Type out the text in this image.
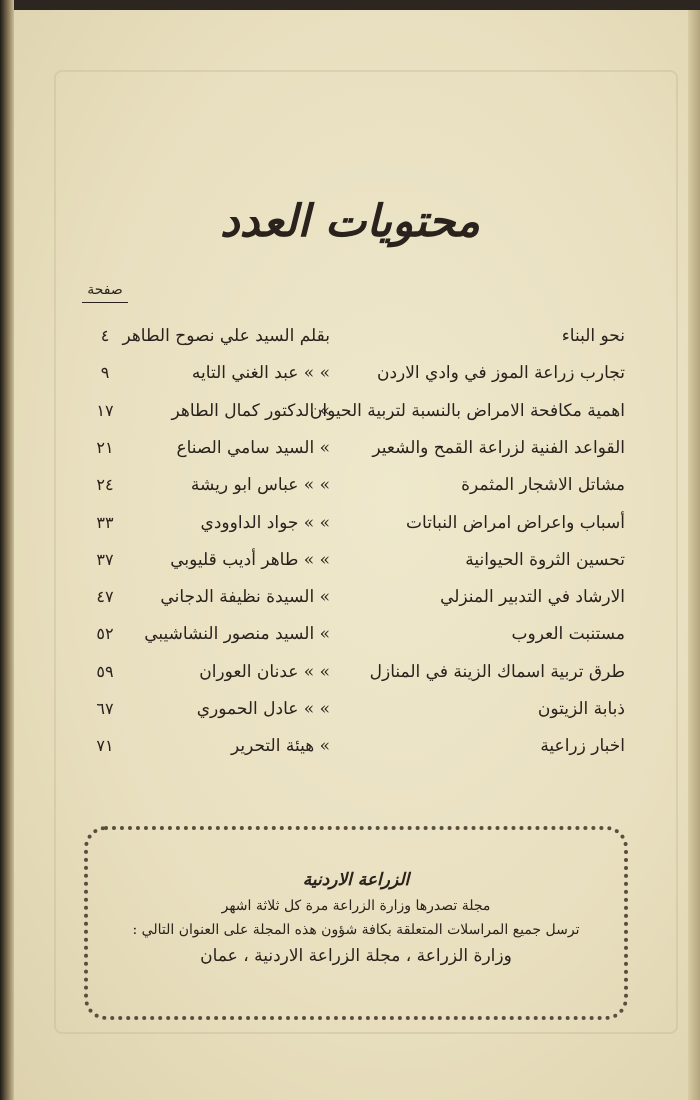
محتويات العدد
صفحة
نحو البناء
بقلم السيد علي نصوح الطاهر
٤
تجارب زراعة الموز في وادي الاردن
» » عبد الغني التايه
٩
اهمية مكافحة الامراض بالنسبة لتربية الحيوان
» الدكتور كمال الطاهر
١٧
القواعد الفنية لزراعة القمح والشعير
» السيد سامي الصناع
٢١
مشاتل الاشجار المثمرة
» » عباس ابو ريشة
٢٤
أسباب واعراض امراض النباتات
» » جواد الداوودي
٣٣
تحسين الثروة الحيوانية
» » طاهر أديب قليوبي
٣٧
الارشاد في التدبير المنزلي
» السيدة نظيفة الدجاني
٤٧
مستنبت العروب
» السيد منصور النشاشيبي
٥٢
طرق تربية اسماك الزينة في المنازل
» » عدنان العوران
٥٩
ذبابة الزيتون
» » عادل الحموري
٦٧
اخبار زراعية
» هيئة التحرير
٧١
الزراعة الاردنية
مجلة تصدرها وزارة الزراعة مرة كل ثلاثة اشهر
ترسل جميع المراسلات المتعلقة بكافة شؤون هذه المجلة على العنوان التالي :
وزارة الزراعة ، مجلة الزراعة الاردنية ، عمان
